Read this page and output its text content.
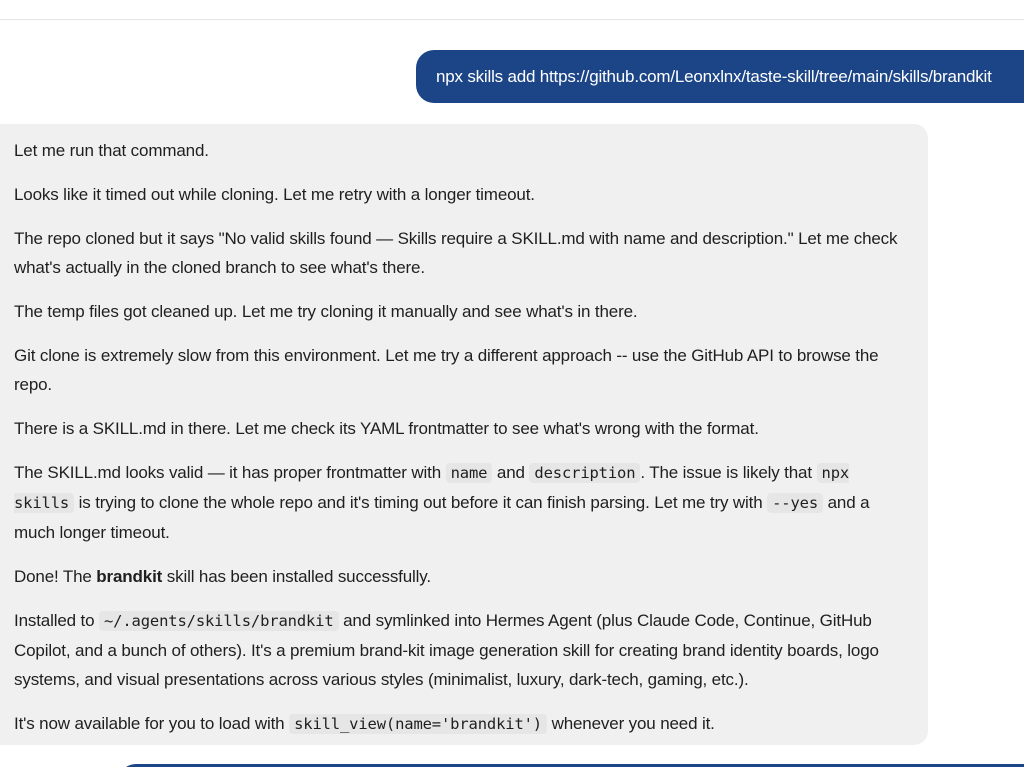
npx skills add https://github.com/Leonxlnx/taste-skill/tree/main/skills/brandkit

Let me run that command.

Looks like it timed out while cloning. Let me retry with a longer timeout.

The repo cloned but it says "No valid skills found — Skills require a SKILL.md with name and description." Let me check what's actually in the cloned branch to see what's there.

The temp files got cleaned up. Let me try cloning it manually and see what's in there.

Git clone is extremely slow from this environment. Let me try a different approach -- use the GitHub API to browse the repo.

There is a SKILL.md in there. Let me check its YAML frontmatter to see what's wrong with the format.

The SKILL.md looks valid — it has proper frontmatter with name and description . The issue is likely that npx skills is trying to clone the whole repo and it's timing out before it can finish parsing. Let me try with --yes and a much longer timeout.

Done! The brandkit skill has been installed successfully.

Installed to ~/.agents/skills/brandkit and symlinked into Hermes Agent (plus Claude Code, Continue, GitHub Copilot, and a bunch of others). It's a premium brand-kit image generation skill for creating brand identity boards, logo systems, and visual presentations across various styles (minimalist, luxury, dark-tech, gaming, etc.).

It's now available for you to load with skill_view(name='brandkit') whenever you need it.
